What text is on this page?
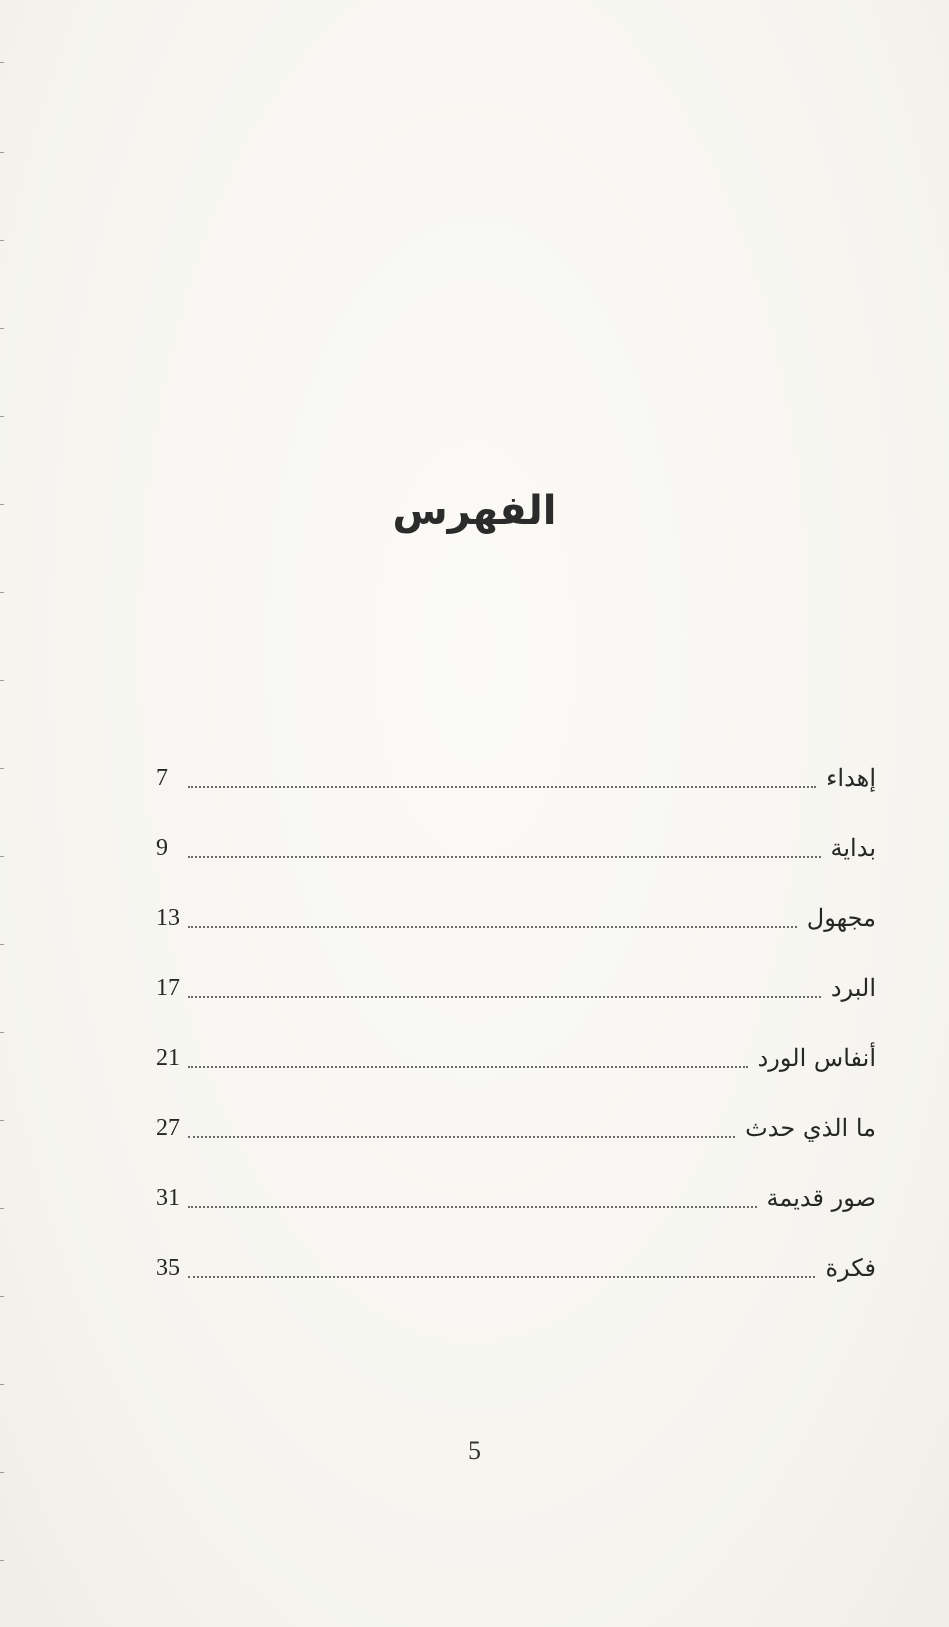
الفهرس
إهداء
7
بداية
9
مجهول
13
البرد
17
أنفاس الورد
21
ما الذي حدث
27
صور قديمة
31
فكرة
35
5
